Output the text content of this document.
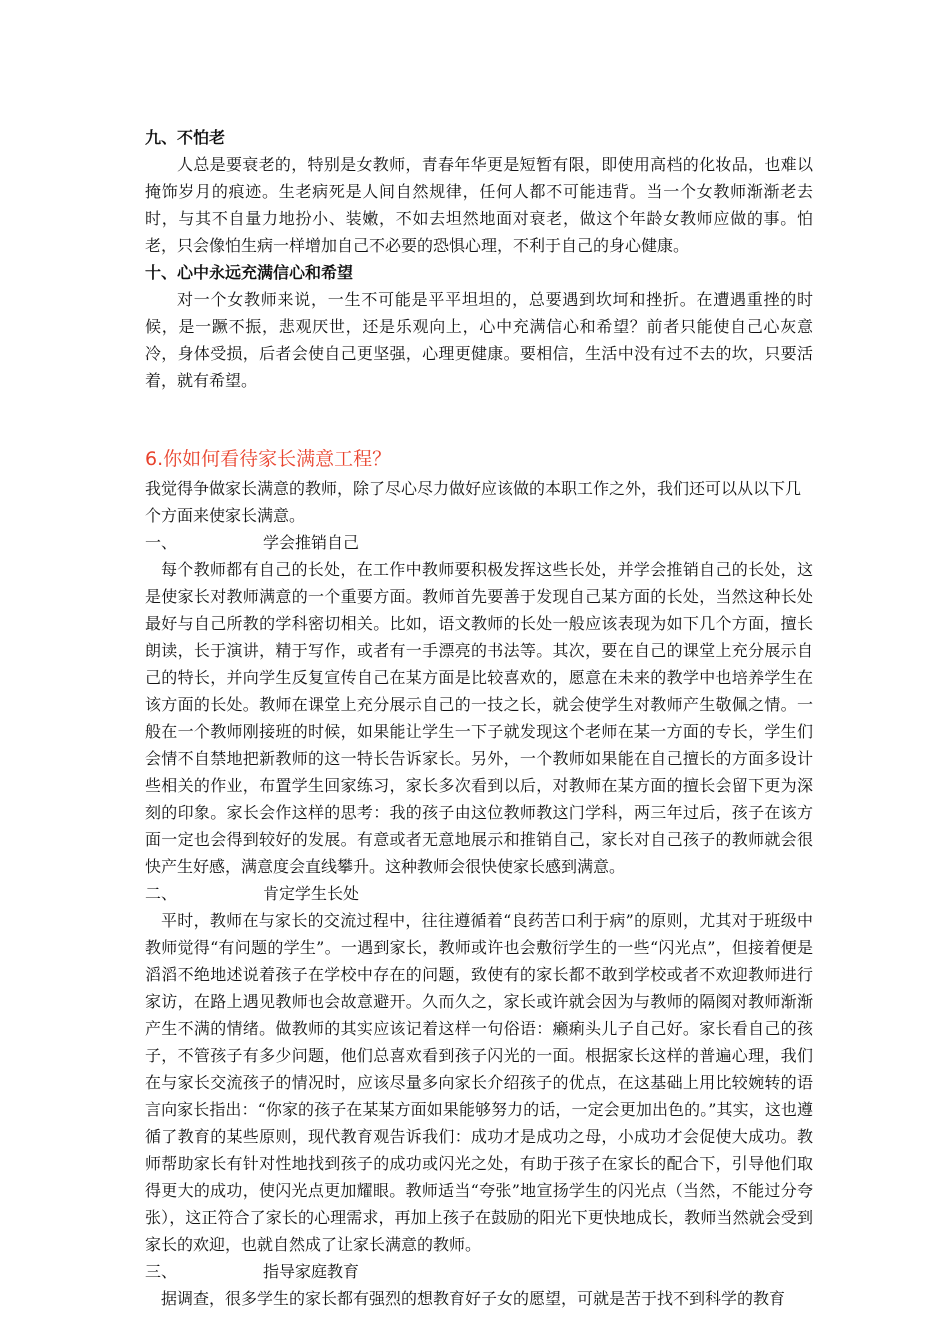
九、不怕老
人总是要衰老的，特别是女教师，青春年华更是短暂有限，即使用高档的化妆品，也难以掩饰岁月的痕迹。生老病死是人间自然规律，任何人都不可能违背。当一个女教师渐渐老去时，与其不自量力地扮小、装嫩，不如去坦然地面对衰老，做这个年龄女教师应做的事。怕老，只会像怕生病一样增加自己不必要的恐惧心理，不利于自己的身心健康。
十、心中永远充满信心和希望
对一个女教师来说，一生不可能是平平坦坦的，总要遇到坎坷和挫折。在遭遇重挫的时候，是一蹶不振，悲观厌世，还是乐观向上，心中充满信心和希望？前者只能使自己心灰意冷，身体受损，后者会使自己更坚强，心理更健康。要相信，生活中没有过不去的坎，只要活着，就有希望。
6.你如何看待家长满意工程？
我觉得争做家长满意的教师，除了尽心尽力做好应该做的本职工作之外，我们还可以从以下几个方面来使家长满意。
一、	学会推销自己
每个教师都有自己的长处，在工作中教师要积极发挥这些长处，并学会推销自己的长处，这是使家长对教师满意的一个重要方面。教师首先要善于发现自己某方面的长处，当然这种长处最好与自己所教的学科密切相关。比如，语文教师的长处一般应该表现为如下几个方面，擅长朗读，长于演讲，精于写作，或者有一手漂亮的书法等。其次，要在自己的课堂上充分展示自己的特长，并向学生反复宣传自己在某方面是比较喜欢的，愿意在未来的教学中也培养学生在该方面的长处。教师在课堂上充分展示自己的一技之长，就会使学生对教师产生敬佩之情。一般在一个教师刚接班的时候，如果能让学生一下子就发现这个老师在某一方面的专长，学生们会情不自禁地把新教师的这一特长告诉家长。另外，一个教师如果能在自己擅长的方面多设计些相关的作业，布置学生回家练习，家长多次看到以后，对教师在某方面的擅长会留下更为深刻的印象。家长会作这样的思考：我的孩子由这位教师教这门学科，两三年过后，孩子在该方面一定也会得到较好的发展。有意或者无意地展示和推销自己，家长对自己孩子的教师就会很快产生好感，满意度会直线攀升。这种教师会很快使家长感到满意。
二、	肯定学生长处
平时，教师在与家长的交流过程中，往往遵循着“良药苦口利于病”的原则，尤其对于班级中教师觉得“有问题的学生”。一遇到家长，教师或许也会敷衍学生的一些“闪光点”，但接着便是滔滔不绝地述说着孩子在学校中存在的问题，致使有的家长都不敢到学校或者不欢迎教师进行家访，在路上遇见教师也会故意避开。久而久之，家长或许就会因为与教师的隔阂对教师渐渐产生不满的情绪。做教师的其实应该记着这样一句俗语：癞痢头儿子自己好。家长看自己的孩子，不管孩子有多少问题，他们总喜欢看到孩子闪光的一面。根据家长这样的普遍心理，我们在与家长交流孩子的情况时，应该尽量多向家长介绍孩子的优点，在这基础上用比较婉转的语言向家长指出：“你家的孩子在某某方面如果能够努力的话，一定会更加出色的。”其实，这也遵循了教育的某些原则，现代教育观告诉我们：成功才是成功之母，小成功才会促使大成功。教师帮助家长有针对性地找到孩子的成功或闪光之处，有助于孩子在家长的配合下，引导他们取得更大的成功，使闪光点更加耀眼。教师适当“夸张”地宣扬学生的闪光点（当然，不能过分夸张），这正符合了家长的心理需求，再加上孩子在鼓励的阳光下更快地成长，教师当然就会受到家长的欢迎，也就自然成了让家长满意的教师。
三、	指导家庭教育
据调查，很多学生的家长都有强烈的想教育好子女的愿望，可就是苦于找不到科学的教育
